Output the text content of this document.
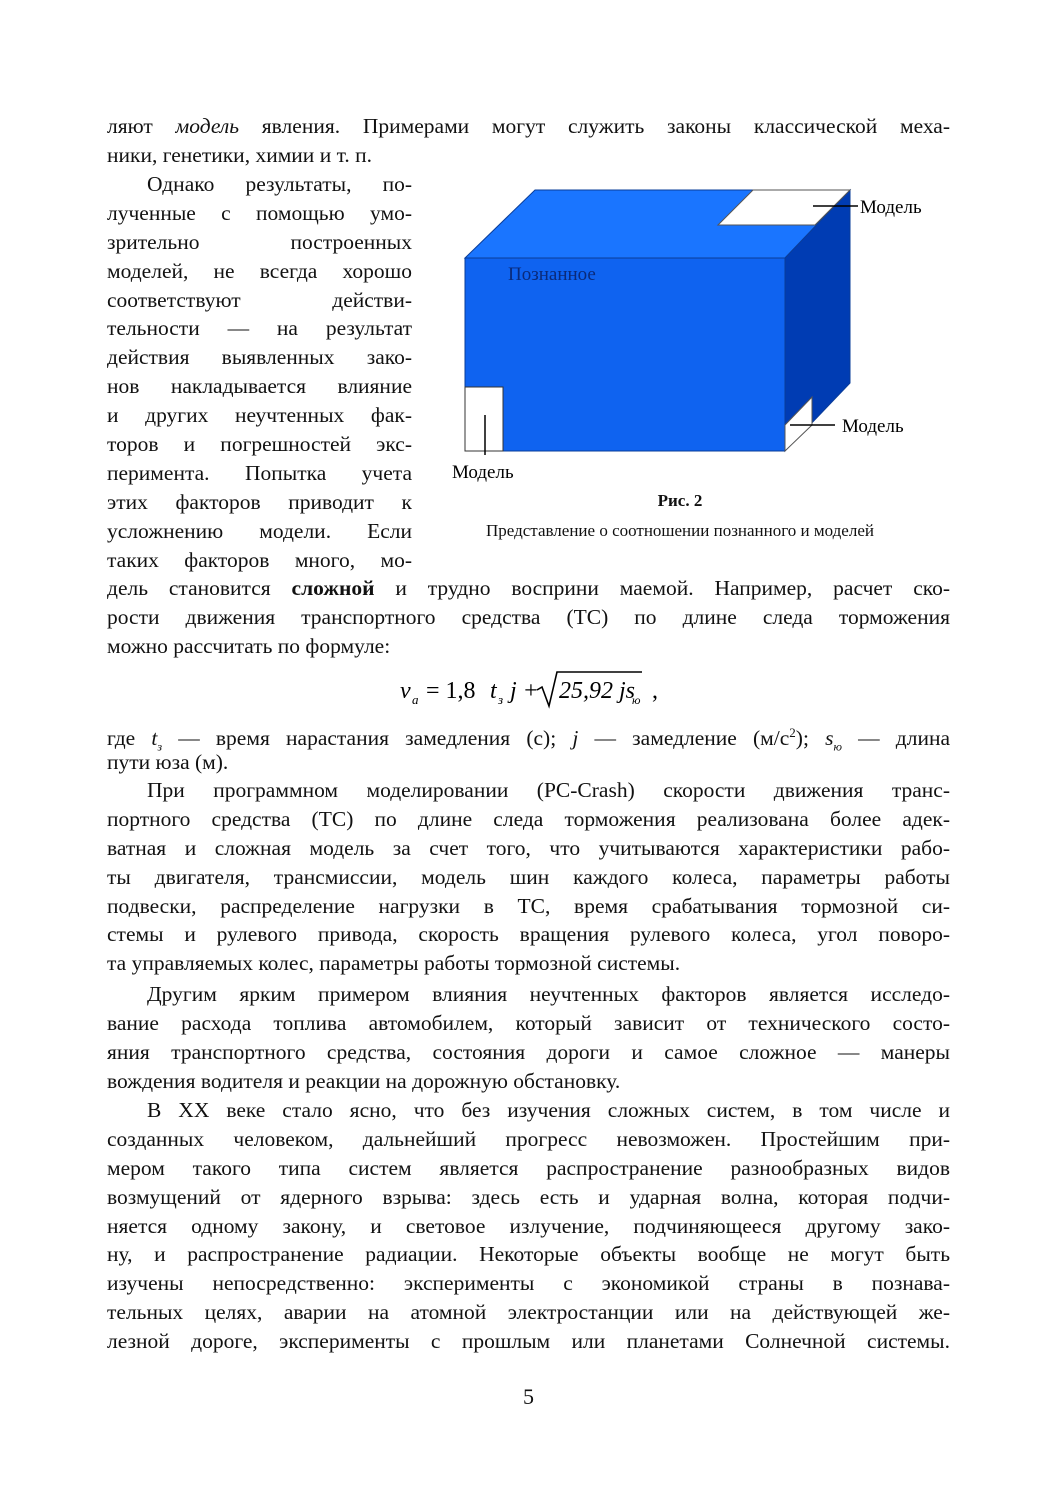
ляют модель явления. Примерами могут служить законы классической меха-
ники, генетики, химии и т. п.
Однако результаты, по-
лученные с помощью умо-
зрительно построенных
моделей, не всегда хорошо
соответствуют действи-
тельности — на результат
действия выявленных зако-
нов накладывается влияние
и других неучтенных фак-
торов и погрешностей экс-
перимента. Попытка учета
этих факторов приводит к
усложнению модели. Если
таких факторов много, мо-
Познанное
Модель
Модель
Модель
Рис. 2
Представление о соотношении познанного и моделей
дель становится сложной и трудно восприни маемой. Например, расчет ско-
рости движения транспортного средства (ТС) по длине следа торможения
можно рассчитать по формуле:
v a = 1,8 t з j + 25,92 js
ю ,
где $t_з$ — время нарастания замедления (с); j — замедление $(м/с^2)$; $s_ю$ — длина
пути юза (м).
При программном моделировании (PC-Crash) скорости движения транс-
портного средства (ТС) по длине следа торможения реализована более адек-
ватная и сложная модель за счет того, что учитываются характеристики рабо-
ты двигателя, трансмиссии, модель шин каждого колеса, параметры работы
подвески, распределение нагрузки в ТС, время срабатывания тормозной си-
стемы и рулевого привода, скорость вращения рулевого колеса, угол поворо-
та управляемых колес, параметры работы тормозной системы.
Другим ярким примером влияния неучтенных факторов является исследо-
вание расхода топлива автомобилем, который зависит от технического состо-
яния транспортного средства, состояния дороги и самое сложное — манеры
вождения водителя и реакции на дорожную обстановку.
В XX веке стало ясно, что без изучения сложных систем, в том числе и
созданных человеком, дальнейший прогресс невозможен. Простейшим при-
мером такого типа систем является распространение разнообразных видов
возмущений от ядерного взрыва: здесь есть и ударная волна, которая подчи-
няется одному закону, и световое излучение, подчиняющееся другому зако-
ну, и распространение радиации. Некоторые объекты вообще не могут быть
изучены непосредственно: эксперименты с экономикой страны в познава-
тельных целях, аварии на атомной электростанции или на действующей же-
лезной дороге, эксперименты с прошлым или планетами Солнечной системы.
5
